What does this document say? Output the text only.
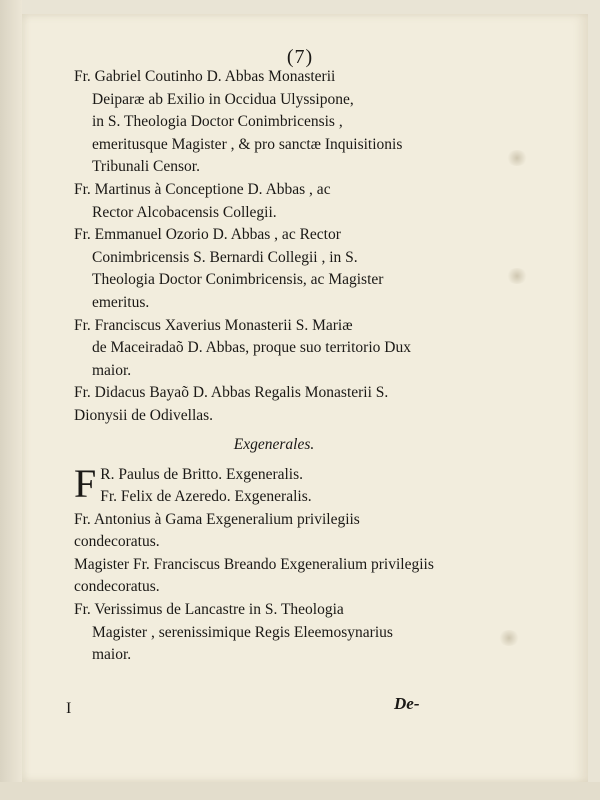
(7)
Fr. Gabriel Coutinho D. Abbas Monasterii
Deiparæ ab Exilio in Occidua Ulyssipone,
in S. Theologia Doctor Conimbricensis ,
emeritusque Magister , & pro sanctæ Inquisitionis Tribunali Censor.
Fr. Martinus à Conceptione D. Abbas , ac
Rector Alcobacensis Collegii.
Fr. Emmanuel Ozorio D. Abbas , ac Rector
Conimbricensis S. Bernardi Collegii , in S.
Theologia Doctor Conimbricensis, ac Magister emeritus.
Fr. Franciscus Xaverius Monasterii S. Mariæ
de Maceiradaõ D. Abbas, proque suo territorio Dux maior.
Fr. Didacus Bayaõ D. Abbas Regalis Monasterii S. Dionysii de Odivellas.
Exgenerales.
F R. Paulus de Britto. Exgeneralis.
Fr. Felix de Azeredo. Exgeneralis.
Fr. Antonius à Gama Exgeneralium privilegiis condecoratus.
Magister Fr. Franciscus Breando Exgeneralium privilegiis condecoratus.
Fr. Verissimus de Lancastre in S. Theologia
Magister , serenissimique Regis Eleemosynarius maior.
I	De-
